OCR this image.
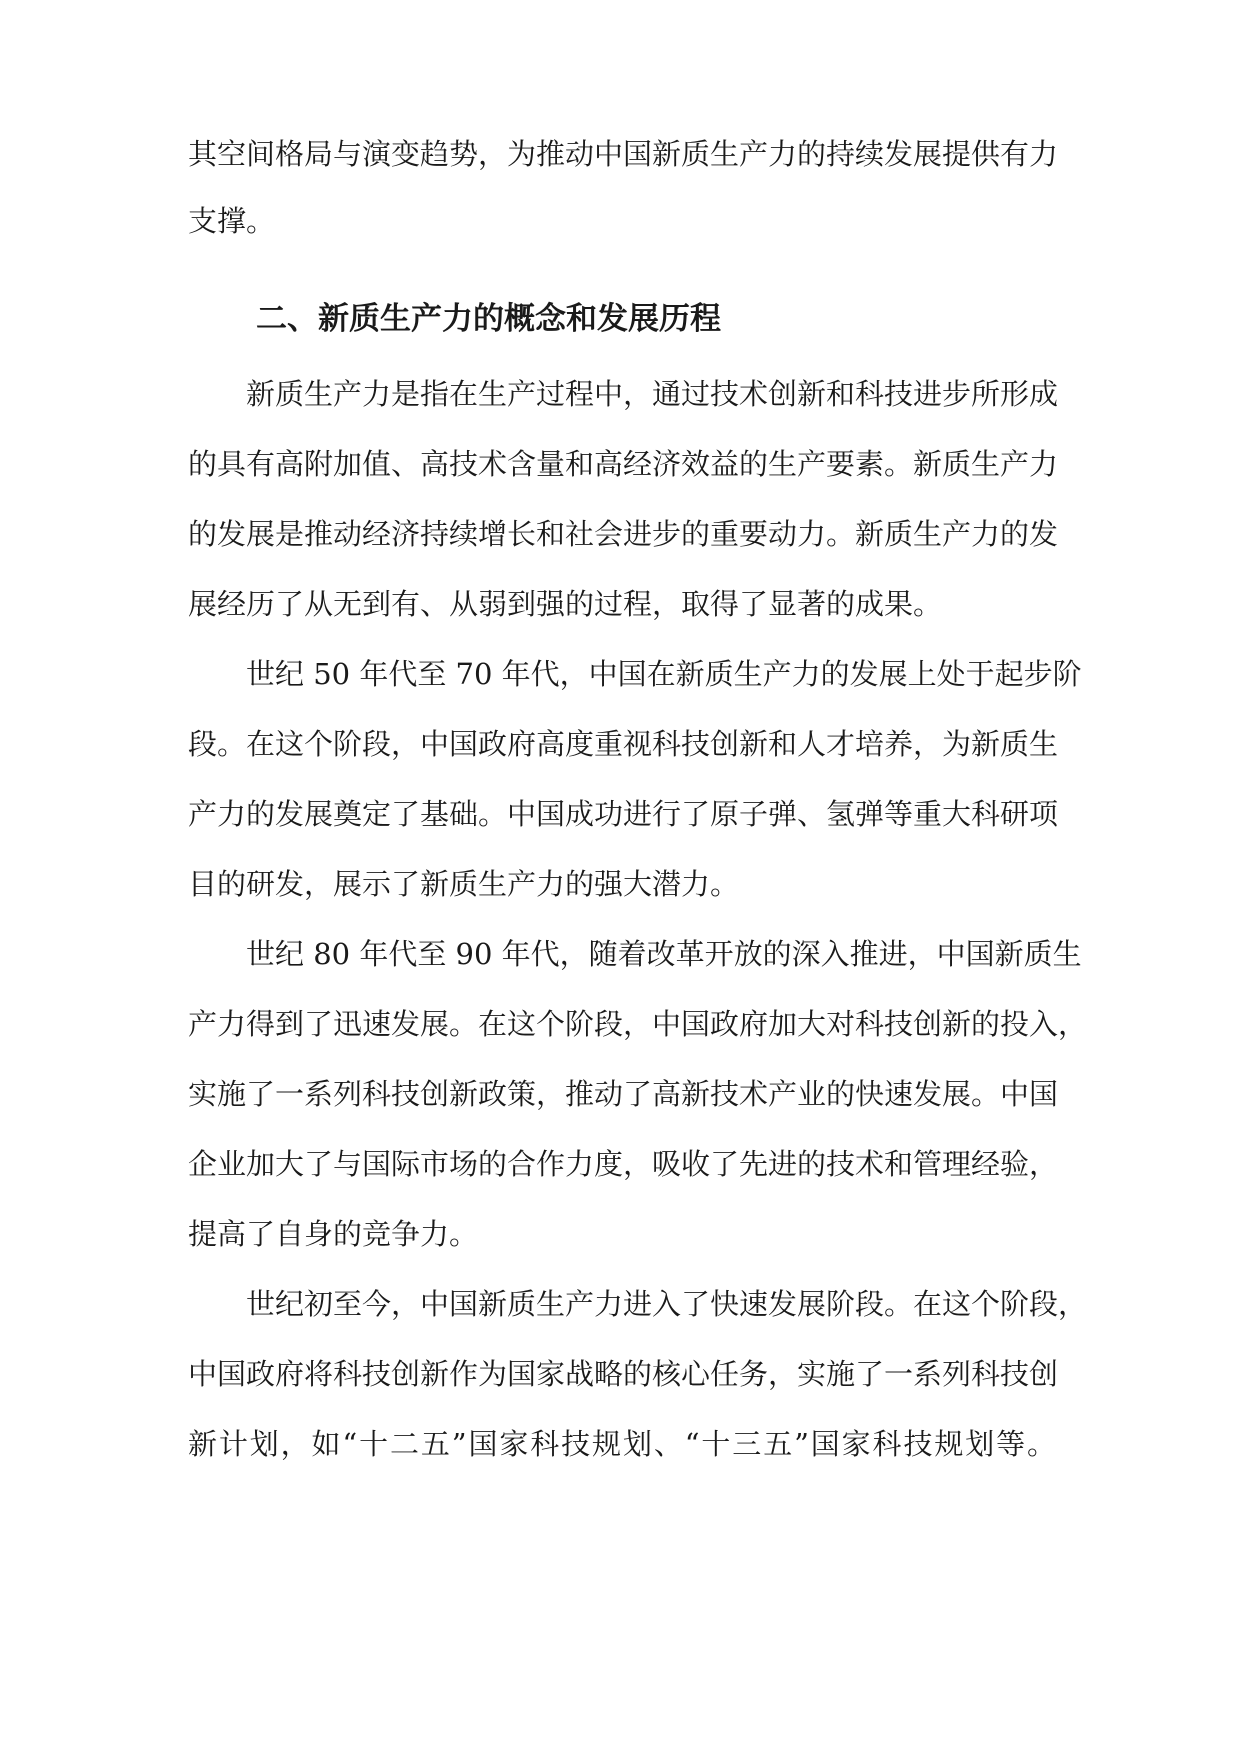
其空间格局与演变趋势，为推动中国新质生产力的持续发展提供有力
支撑。
二、新质生产力的概念和发展历程
新质生产力是指在生产过程中，通过技术创新和科技进步所形成
的具有高附加值、高技术含量和高经济效益的生产要素。新质生产力
的发展是推动经济持续增长和社会进步的重要动力。新质生产力的发
展经历了从无到有、从弱到强的过程，取得了显著的成果。
世纪 50 年代至 70 年代，中国在新质生产力的发展上处于起步阶
段。在这个阶段，中国政府高度重视科技创新和人才培养，为新质生
产力的发展奠定了基础。中国成功进行了原子弹、氢弹等重大科研项
目的研发，展示了新质生产力的强大潜力。
世纪 80 年代至 90 年代，随着改革开放的深入推进，中国新质生
产力得到了迅速发展。在这个阶段，中国政府加大对科技创新的投入，
实施了一系列科技创新政策，推动了高新技术产业的快速发展。中国
企业加大了与国际市场的合作力度，吸收了先进的技术和管理经验，
提高了自身的竞争力。
世纪初至今，中国新质生产力进入了快速发展阶段。在这个阶段，
中国政府将科技创新作为国家战略的核心任务，实施了一系列科技创
新计划，如“十二五”国家科技规划、“十三五”国家科技规划等。
